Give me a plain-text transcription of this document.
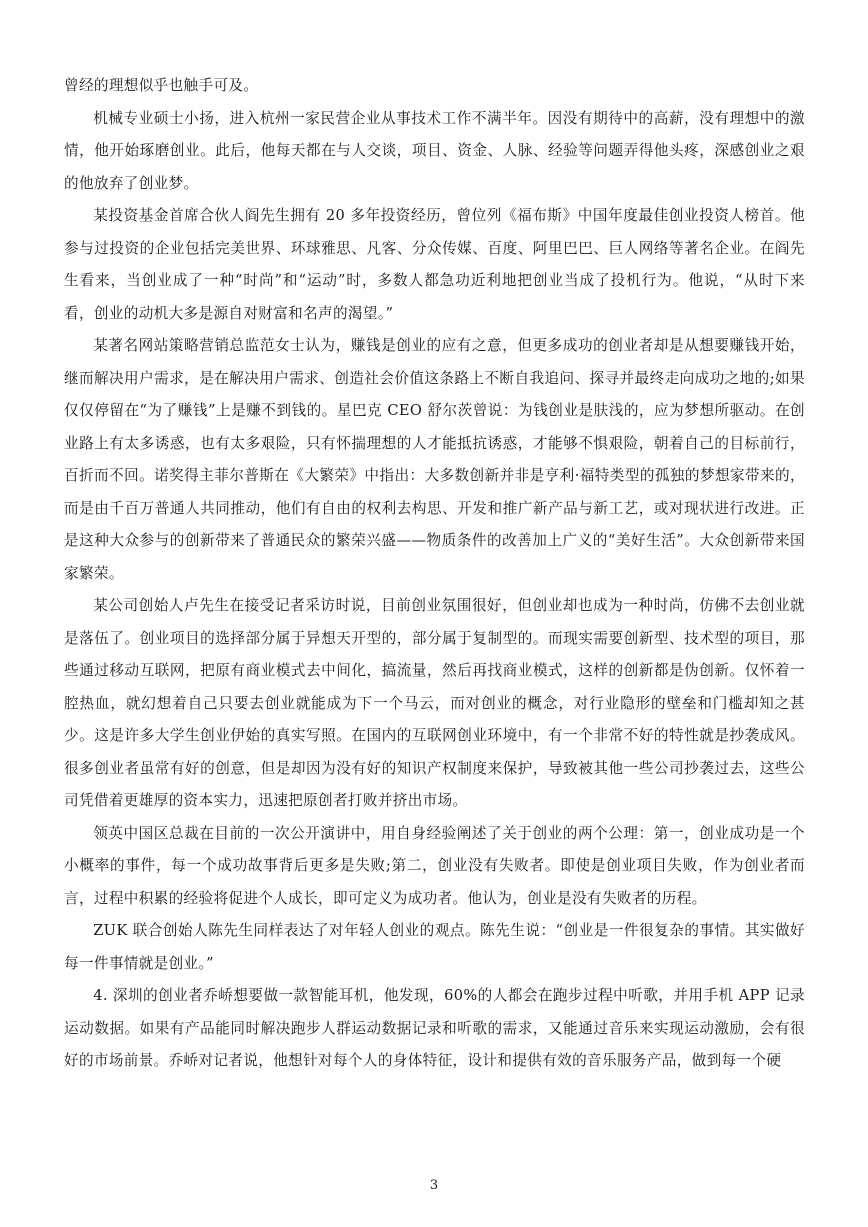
曾经的理想似乎也触手可及。

机械专业硕士小扬，进入杭州一家民营企业从事技术工作不满半年。因没有期待中的高薪，没有理想中的激情，他开始琢磨创业。此后，他每天都在与人交谈，项目、资金、人脉、经验等问题弄得他头疼，深感创业之艰的他放弃了创业梦。

某投资基金首席合伙人阎先生拥有 20 多年投资经历，曾位列《福布斯》中国年度最佳创业投资人榜首。他参与过投资的企业包括完美世界、环球雅思、凡客、分众传媒、百度、阿里巴巴、巨人网络等著名企业。在阎先生看来，当创业成了一种“时尚”和“运动”时，多数人都急功近利地把创业当成了投机行为。他说，“从时下来看，创业的动机大多是源自对财富和名声的渴望。”

某著名网站策略营销总监范女士认为，赚钱是创业的应有之意，但更多成功的创业者却是从想要赚钱开始，继而解决用户需求，是在解决用户需求、创造社会价值这条路上不断自我追问、探寻并最终走向成功之地的;如果仅仅停留在“为了赚钱”上是赚不到钱的。星巴克 CEO 舒尔茨曾说：为钱创业是肤浅的，应为梦想所驱动。在创业路上有太多诱惑，也有太多艰险，只有怀揣理想的人才能抵抗诱惑，才能够不惧艰险，朝着自己的目标前行，百折而不回。诺奖得主菲尔普斯在《大繁荣》中指出：大多数创新并非是亨利·福特类型的孤独的梦想家带来的，而是由千百万普通人共同推动，他们有自由的权利去构思、开发和推广新产品与新工艺，或对现状进行改进。正是这种大众参与的创新带来了普通民众的繁荣兴盛——物质条件的改善加上广义的“美好生活”。大众创新带来国家繁荣。

某公司创始人卢先生在接受记者采访时说，目前创业氛围很好，但创业却也成为一种时尚，仿佛不去创业就是落伍了。创业项目的选择部分属于异想天开型的，部分属于复制型的。而现实需要创新型、技术型的项目，那些通过移动互联网，把原有商业模式去中间化，搞流量，然后再找商业模式，这样的创新都是伪创新。仅怀着一腔热血，就幻想着自己只要去创业就能成为下一个马云，而对创业的概念，对行业隐形的壁垒和门槛却知之甚少。这是许多大学生创业伊始的真实写照。在国内的互联网创业环境中，有一个非常不好的特性就是抄袭成风。很多创业者虽常有好的创意，但是却因为没有好的知识产权制度来保护，导致被其他一些公司抄袭过去，这些公司凭借着更雄厚的资本实力，迅速把原创者打败并挤出市场。

领英中国区总裁在目前的一次公开演讲中，用自身经验阐述了关于创业的两个公理：第一，创业成功是一个小概率的事件，每一个成功故事背后更多是失败;第二，创业没有失败者。即使是创业项目失败，作为创业者而言，过程中积累的经验将促进个人成长，即可定义为成功者。他认为，创业是没有失败者的历程。

ZUK 联合创始人陈先生同样表达了对年轻人创业的观点。陈先生说：“创业是一件很复杂的事情。其实做好每一件事情就是创业。”

4. 深圳的创业者乔峤想要做一款智能耳机，他发现，60%的人都会在跑步过程中听歌，并用手机 APP 记录运动数据。如果有产品能同时解决跑步人群运动数据记录和听歌的需求，又能通过音乐来实现运动激励，会有很好的市场前景。乔峤对记者说，他想针对每个人的身体特征，设计和提供有效的音乐服务产品，做到每一个硬

3
